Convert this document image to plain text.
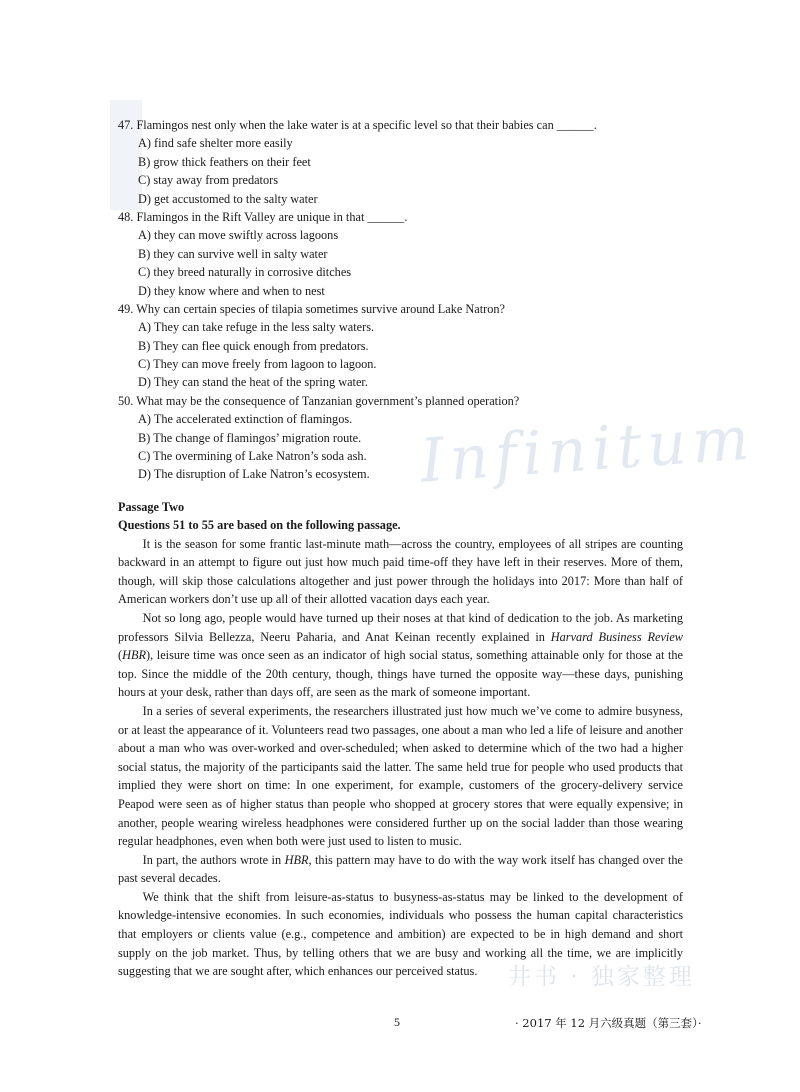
Infinitum
井书 · 独家整理
47. Flamingos nest only when the lake water is at a specific level so that their babies can ______.
A) find safe shelter more easily
B) grow thick feathers on their feet
C) stay away from predators
D) get accustomed to the salty water
48. Flamingos in the Rift Valley are unique in that ______.
A) they can move swiftly across lagoons
B) they can survive well in salty water
C) they breed naturally in corrosive ditches
D) they know where and when to nest
49. Why can certain species of tilapia sometimes survive around Lake Natron?
A) They can take refuge in the less salty waters.
B) They can flee quick enough from predators.
C) They can move freely from lagoon to lagoon.
D) They can stand the heat of the spring water.
50. What may be the consequence of Tanzanian government’s planned operation?
A) The accelerated extinction of flamingos.
B) The change of flamingos’ migration route.
C) The overmining of Lake Natron’s soda ash.
D) The disruption of Lake Natron’s ecosystem.
Passage Two
Questions 51 to 55 are based on the following passage.

It is the season for some frantic last-minute math—across the country, employees of all stripes are counting backward in an attempt to figure out just how much paid time-off they have left in their reserves. More of them, though, will skip those calculations altogether and just power through the holidays into 2017: More than half of American workers don’t use up all of their allotted vacation days each year.

Not so long ago, people would have turned up their noses at that kind of dedication to the job. As marketing professors Silvia Bellezza, Neeru Paharia, and Anat Keinan recently explained in Harvard Business Review (HBR), leisure time was once seen as an indicator of high social status, something attainable only for those at the top. Since the middle of the 20th century, though, things have turned the opposite way—these days, punishing hours at your desk, rather than days off, are seen as the mark of someone important.

In a series of several experiments, the researchers illustrated just how much we’ve come to admire busyness, or at least the appearance of it. Volunteers read two passages, one about a man who led a life of leisure and another about a man who was over-worked and over-scheduled; when asked to determine which of the two had a higher social status, the majority of the participants said the latter. The same held true for people who used products that implied they were short on time: In one experiment, for example, customers of the grocery-delivery service Peapod were seen as of higher status than people who shopped at grocery stores that were equally expensive; in another, people wearing wireless headphones were considered further up on the social ladder than those wearing regular headphones, even when both were just used to listen to music.

In part, the authors wrote in HBR, this pattern may have to do with the way work itself has changed over the past several decades.

We think that the shift from leisure-as-status to busyness-as-status may be linked to the development of knowledge-intensive economies. In such economies, individuals who possess the human capital characteristics that employers or clients value (e.g., competence and ambition) are expected to be in high demand and short supply on the job market. Thus, by telling others that we are busy and working all the time, we are implicitly suggesting that we are sought after, which enhances our perceived status.

5	· 2017 年 12 月六级真题（第三套）·
